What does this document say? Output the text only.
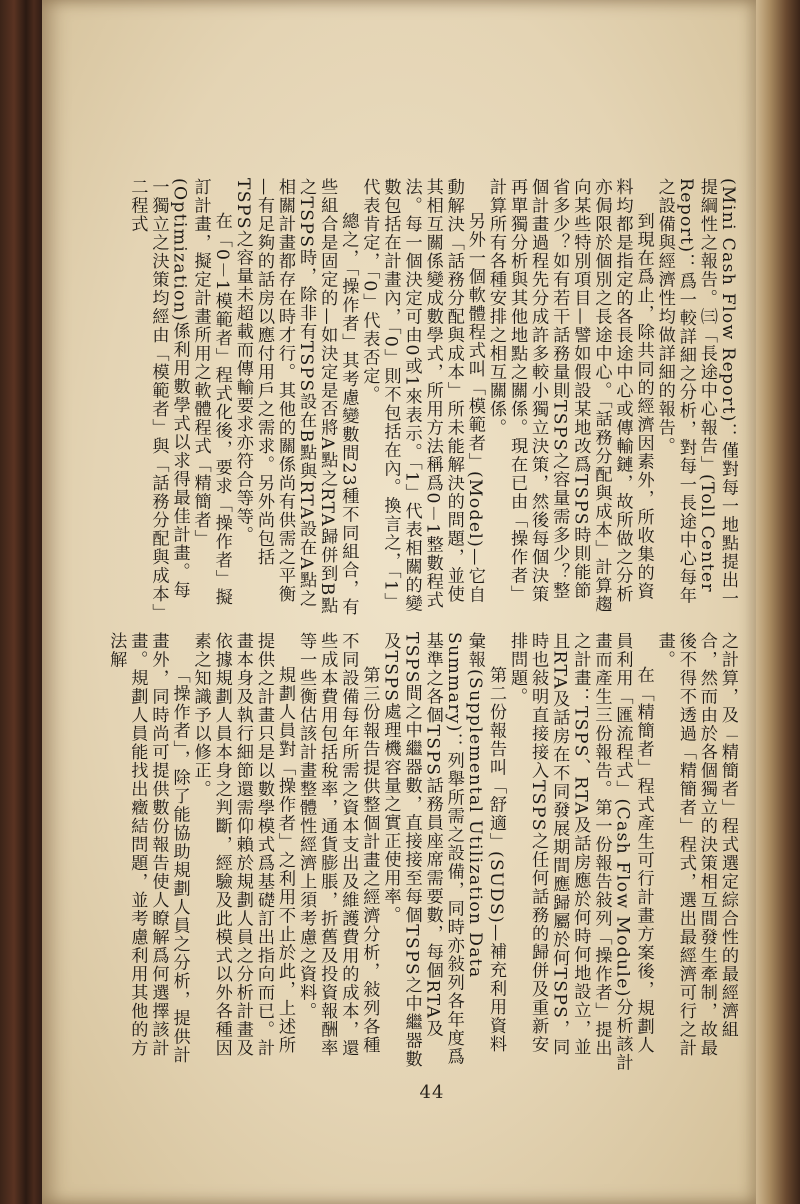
(Mini Cash Flow Report)：僅對每一地點提出一提綱性之報告。㈢「長途中心報告」(Toll Center Report)：爲一較詳細之分析，對每一長途中心每年之設備與經濟性均做詳細的報告。

到現在爲止，除共同的經濟因素外，所收集的資料均都是指定的各長途中心或傳輸鏈，故所做之分析亦侷限於個別之長途中心。「話務分配與成本」計算趨向某些特別項目—譬如假設某地改爲TSPS時則能節省多少？如有若干話務量則TSPS之容量需多少？整個計畫過程先分成許多較小獨立決策，然後每個決策再單獨分析與其他地點之關係。現在已由「操作者」計算所有各種安排之相互關係。

另外一個軟體程式叫「模範者」(Model)—它自動解決「話務分配與成本」所未能解決的問題，並使其相互關係變成數學式，所用方法稱爲0－1整數程式法。每一個決定可由0或1來表示。「1」代表相關的變數包括在計畫內，「0」則不包括在內。換言之，「1」代表肯定，「0」代表否定。

總之，「操作者」其考慮變數間23種不同組合，有些組合是固定的—如決定是否將A點之RTA歸併到B點之TSPS時，除非有TSPS設在B點與RTA設在A點之相關計畫都存在時才行。其他的關係尚有供需之平衡—有足夠的話房以應付用戶之需求。另外尚包括TSPS之容量未超載而傳輸要求亦符合等等。

在「0－1模範者」程式化後，要求「操作者」擬訂計畫，擬定計畫所用之軟體程式「精簡者」(Optimization)係利用數學式以求得最佳計畫。每一獨立之決策均經由「模範者」與「話務分配與成本」二程式

之計算，及「精簡者」程式選定綜合性的最經濟組合，然而由於各個獨立的決策相互間發生牽制，故最後不得不透過「精簡者」程式，選出最經濟可行之計畫。

在「精簡者」程式產生可行計畫方案後，規劃人員利用「匯流程式」(Cash Flow Module)分析該計畫而產生三份報告。第一份報告敍列「操作者」提出之計畫：TSPS、RTA及話房應於何時何地設立，並且RTA及話房在不同發展期間應歸屬於何TSPS，同時也敍明直接接入TSPS之任何話務的歸併及重新安排問題。

第二份報告叫「舒適」(SUDS)—補充利用資料彙報(Supplemental Utilization Data Summary)：列舉所需之設備，同時亦敍列各年度爲基準之各個TSPS話務員座席需要數，每個RTA及TSPS間之中繼器數，直接接至每個TSPS之中繼器數及TSPS處理機容量之實正使用率。

第三份報告提供整個計畫之經濟分析，敍列各種不同設備每年所需之資本支出及維護費用的成本，還些成本費用包括稅率，通貨膨脹，折舊及投資報酬率等一些衡估該計畫整體性經濟上須考慮之資料。

規劃人員對「操作者」之利用不止於此，上述所提供之計畫只是以數學模式爲基礎訂出指向而已。計畫本身及執行細節還需仰賴於規劃人員之分析計畫及依據規劃人員本身之判斷，經驗及此模式以外各種因素之知識予以修正。

「操作者」，除了能協助規劃人員之分析，提供計畫外，同時尚可提供數份報告使人瞭解爲何選擇該計畫。規劃人員能找出癥結問題，並考慮利用其他的方法解

44
